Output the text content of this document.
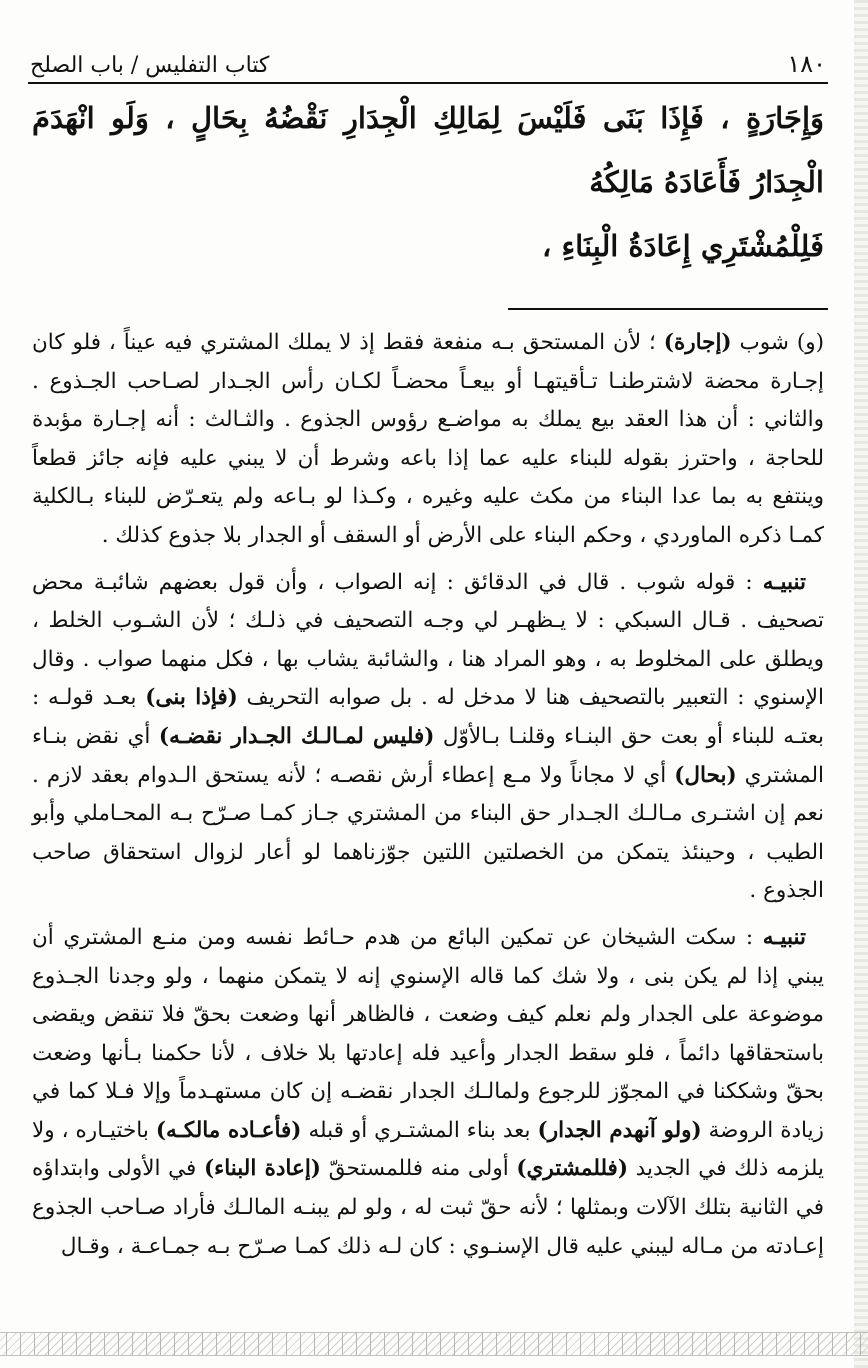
١٨٠
كتاب التفليس / باب الصلح
وَإِجَارَةٍ ، فَإِذَا بَنَى فَلَيْسَ لِمَالِكِ الْجِدَارِ نَقْضُهُ بِحَالٍ ، وَلَو انْهَدَمَ الْجِدَارُ فَأَعَادَهُ مَالِكُهُ
فَلِلْمُشْتَرِي إِعَادَةُ الْبِنَاءِ ،

(و) شوب (إجارة) ؛ لأن المستحق بـه منفعة فقط إذ لا يملك المشتري فيه عيناً ، فلو كان إجـارة محضة لاشترطنـا تـأقيتهـا أو بيعـاً محضـاً لكـان رأس الجـدار لصـاحب الجـذوع . والثاني : أن هذا العقد بيع يملك به مواضـع رؤوس الجذوع . والثـالث : أنه إجـارة مؤبدة للحاجة ، واحترز بقوله للبناء عليه عما إذا باعه وشرط أن لا يبني عليه فإنه جائز قطعاً وينتفع به بما عدا البناء من مكث عليه وغيره ، وكـذا لو بـاعه ولم يتعـرّض للبناء بـالكلية كمـا ذكره الماوردي ، وحكم البناء على الأرض أو السقف أو الجدار بلا جذوع كذلك .

تنبيـه : قوله شوب . قال في الدقائق : إنه الصواب ، وأن قول بعضهم شائبـة محض تصحيف . قـال السبكي : لا يـظهـر لي وجـه التصحيف في ذلـك ؛ لأن الشـوب الخلط ، ويطلق على المخلوط به ، وهو المراد هنا ، والشائبة يشاب بها ، فكل منهما صواب . وقال الإسنوي : التعبير بالتصحيف هنا لا مدخل له . بل صوابه التحريف (فإذا بنى) بعـد قولـه : بعتـه للبناء أو بعت حق البنـاء وقلنـا بـالأوّل (فليس لمـالـك الجـدار نقضـه) أي نقض بنـاء المشتري (بحال) أي لا مجاناً ولا مـع إعطاء أرش نقصـه ؛ لأنه يستحق الـدوام بعقد لازم . نعم إن اشتـرى مـالـك الجـدار حق البناء من المشتري جـاز كمـا صـرّح بـه المحـاملي وأبو الطيب ، وحينئذ يتمكن من الخصلتين اللتين جوّزناهما لو أعار لزوال استحقاق صاحب الجذوع .

تنبيـه : سكت الشيخان عن تمكين البائع من هدم حـائط نفسه ومن منـع المشتري أن يبني إذا لم يكن بنى ، ولا شك كما قاله الإسنوي إنه لا يتمكن منهما ، ولو وجدنا الجـذوع موضوعة على الجدار ولم نعلم كيف وضعت ، فالظاهر أنها وضعت بحقّ فلا تنقض ويقضى باستحقاقها دائماً ، فلو سقط الجدار وأعيد فله إعادتها بلا خلاف ، لأنا حكمنا بـأنها وضعت بحقّ وشككنا في المجوّز للرجوع ولمالـك الجدار نقضـه إن كان مستهـدماً وإلا فـلا كما في زيادة الروضة (ولو آنهدم الجدار) بعد بناء المشتـري أو قبله (فأعـاده مالكـه) باختيـاره ، ولا يلزمه ذلك في الجديد (فللمشتري) أولى منه فللمستحقّ (إعادة البناء) في الأولى وابتداؤه في الثانية بتلك الآلات وبمثلها ؛ لأنه حقّ ثبت له ، ولو لم يبنـه المالـك فأراد صـاحب الجذوع إعـادته من مـاله ليبني عليه قال الإسنـوي : كان لـه ذلك كمـا صـرّح بـه جمـاعـة ، وقـال
